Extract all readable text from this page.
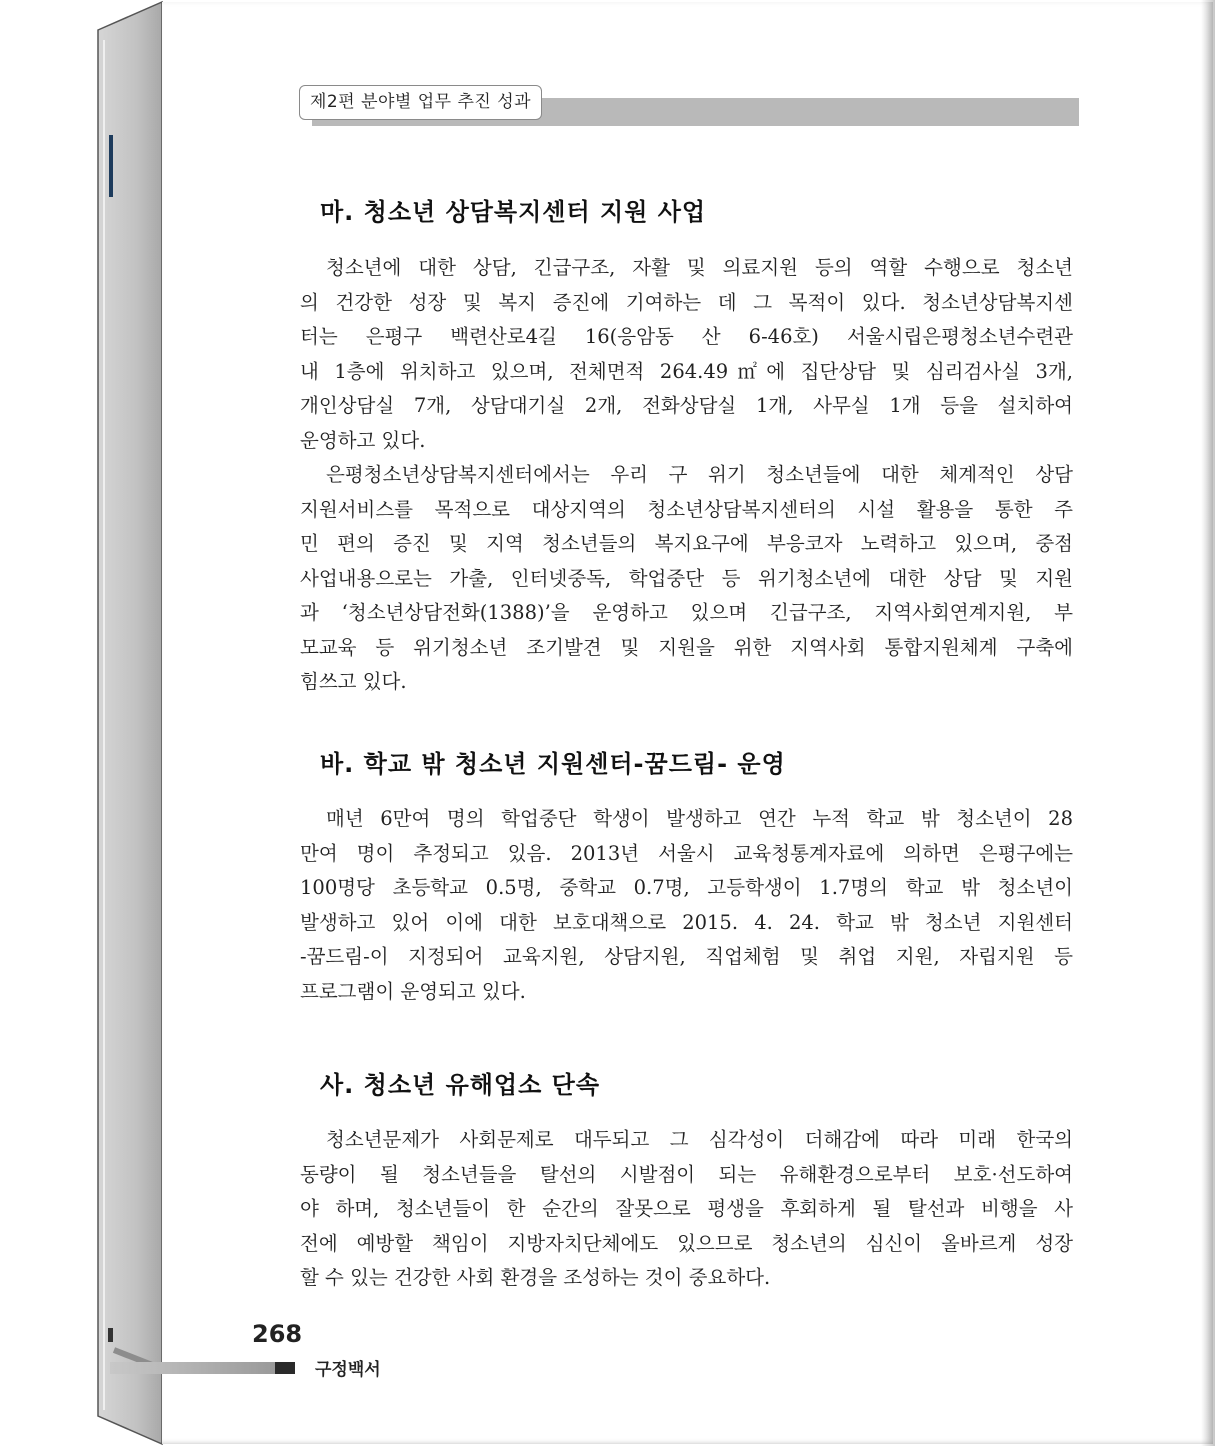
제2편 분야별 업무 추진 성과
마. 청소년 상담복지센터 지원 사업
청소년에 대한 상담, 긴급구조, 자활 및 의료지원 등의 역할 수행으로 청소년
의 건강한 성장 및 복지 증진에 기여하는 데 그 목적이 있다. 청소년상담복지센
터는 은평구 백련산로4길 16(응암동 산 6-46호) 서울시립은평청소년수련관
내 1층에 위치하고 있으며, 전체면적 264.49㎡에 집단상담 및 심리검사실 3개,
개인상담실 7개, 상담대기실 2개, 전화상담실 1개, 사무실 1개 등을 설치하여
운영하고 있다.
은평청소년상담복지센터에서는 우리 구 위기 청소년들에 대한 체계적인 상담
지원서비스를 목적으로 대상지역의 청소년상담복지센터의 시설 활용을 통한 주
민 편의 증진 및 지역 청소년들의 복지요구에 부응코자 노력하고 있으며, 중점
사업내용으로는 가출, 인터넷중독, 학업중단 등 위기청소년에 대한 상담 및 지원
과 ‘청소년상담전화(1388)’을 운영하고 있으며 긴급구조, 지역사회연계지원, 부
모교육 등 위기청소년 조기발견 및 지원을 위한 지역사회 통합지원체계 구축에
힘쓰고 있다.
바. 학교 밖 청소년 지원센터-꿈드림- 운영
매년 6만여 명의 학업중단 학생이 발생하고 연간 누적 학교 밖 청소년이 28
만여 명이 추정되고 있음. 2013년 서울시 교육청통계자료에 의하면 은평구에는
100명당 초등학교 0.5명, 중학교 0.7명, 고등학생이 1.7명의 학교 밖 청소년이
발생하고 있어 이에 대한 보호대책으로 2015. 4. 24. 학교 밖 청소년 지원센터
-꿈드림-이 지정되어 교육지원, 상담지원, 직업체험 및 취업 지원, 자립지원 등
프로그램이 운영되고 있다.
사. 청소년 유해업소 단속
청소년문제가 사회문제로 대두되고 그 심각성이 더해감에 따라 미래 한국의
동량이 될 청소년들을 탈선의 시발점이 되는 유해환경으로부터 보호·선도하여
야 하며, 청소년들이 한 순간의 잘못으로 평생을 후회하게 될 탈선과 비행을 사
전에 예방할 책임이 지방자치단체에도 있으므로 청소년의 심신이 올바르게 성장
할 수 있는 건강한 사회 환경을 조성하는 것이 중요하다.
268
구정백서
